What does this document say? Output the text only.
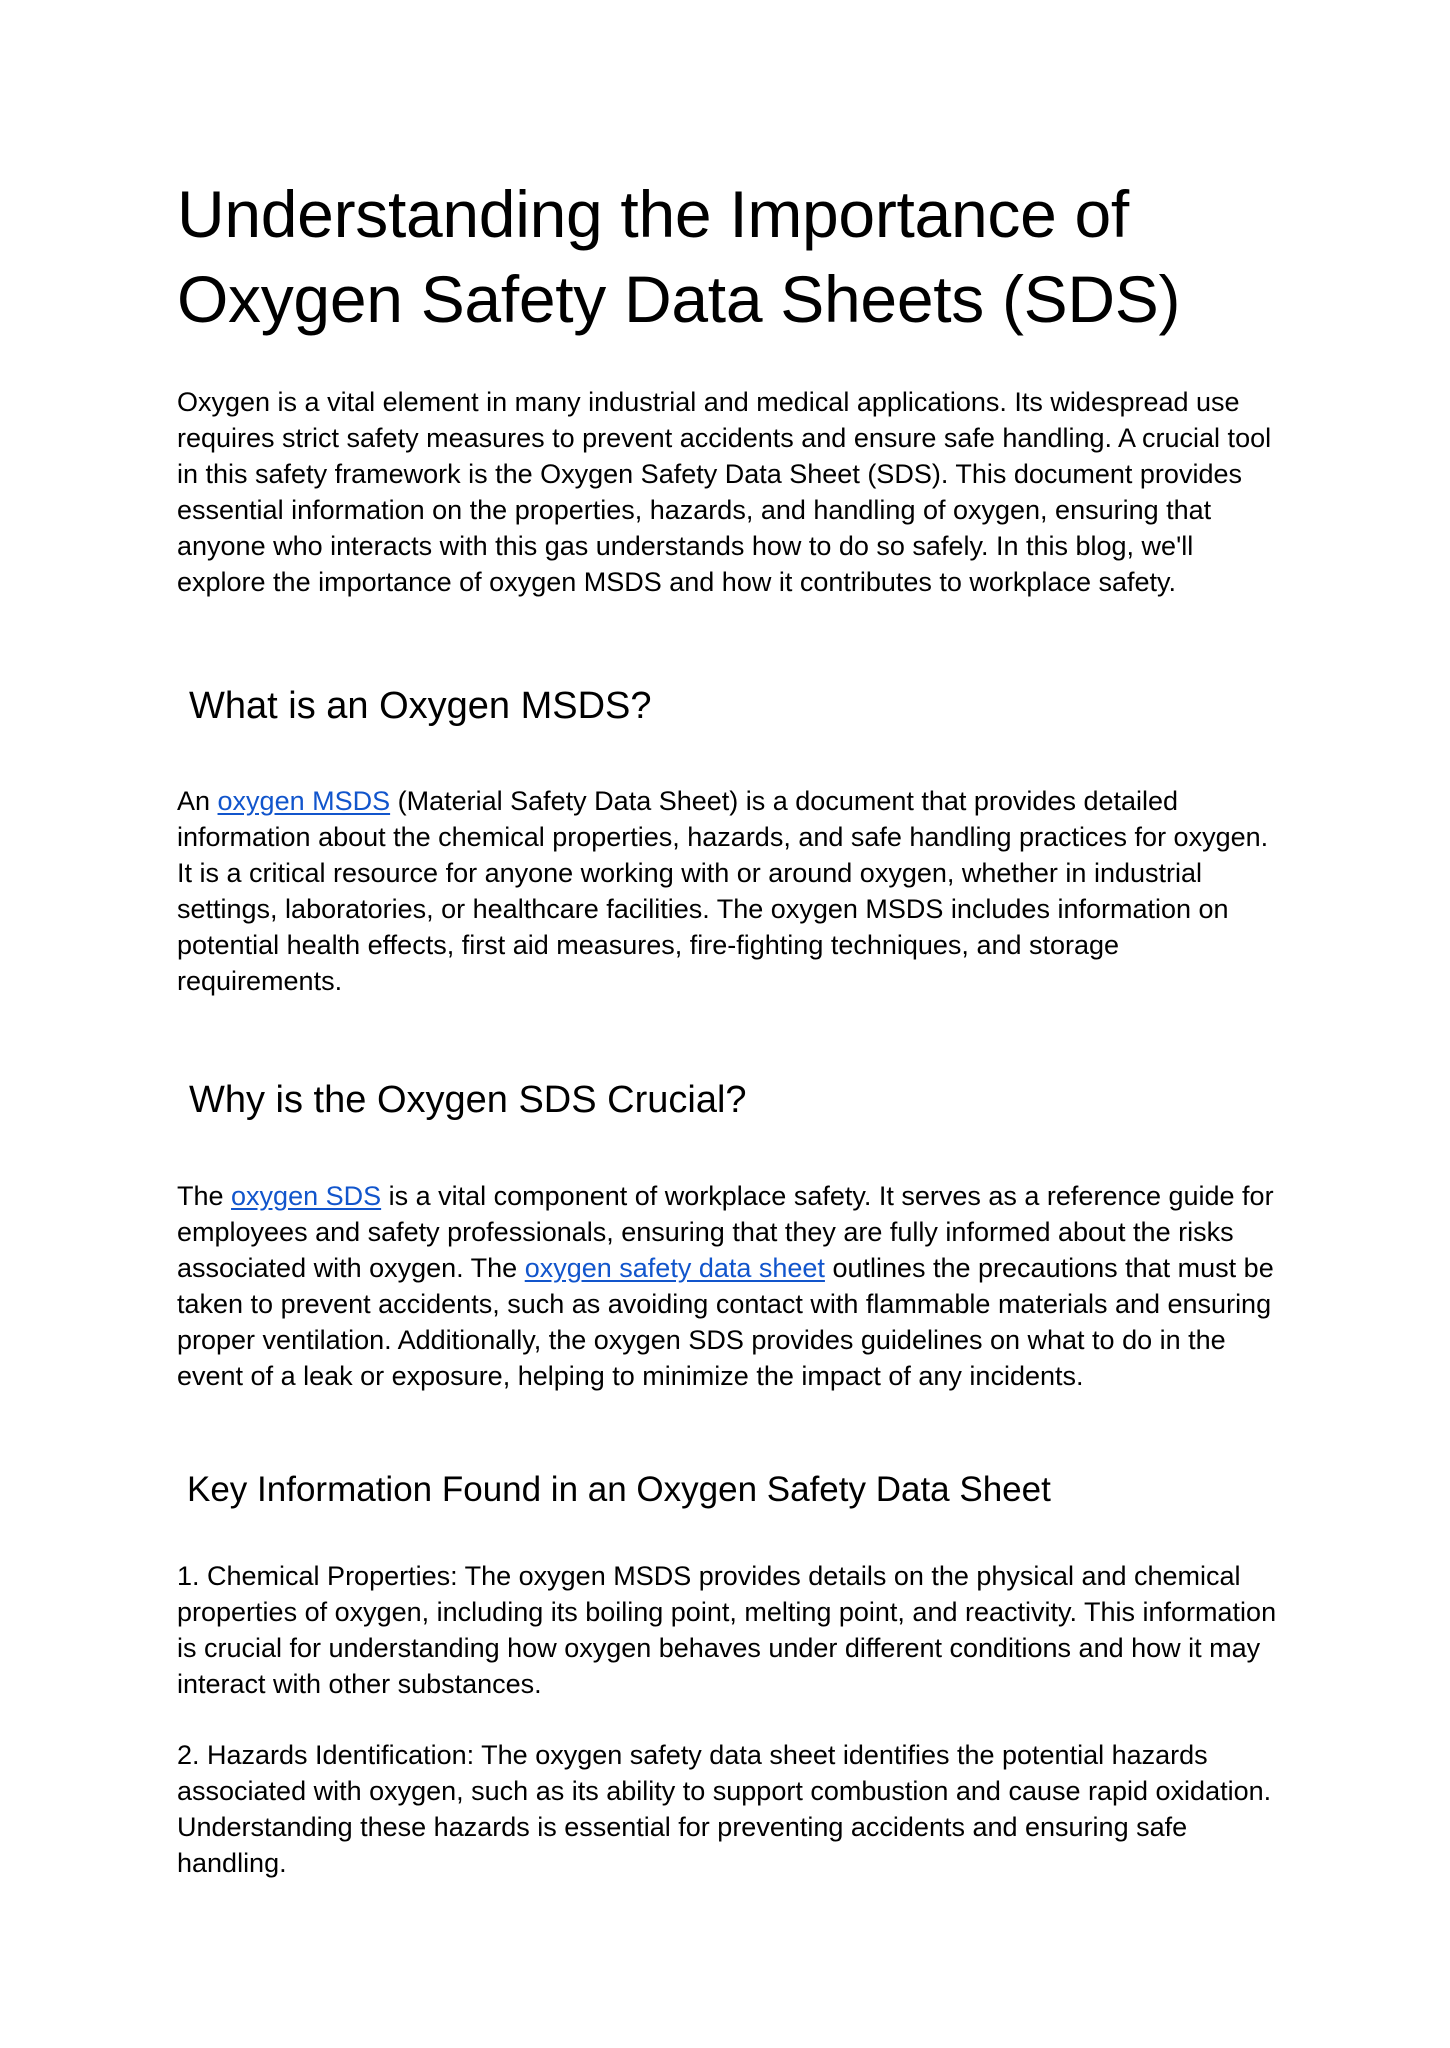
Understanding the Importance of
Oxygen Safety Data Sheets (SDS)

Oxygen is a vital element in many industrial and medical applications. Its widespread use
requires strict safety measures to prevent accidents and ensure safe handling. A crucial tool
in this safety framework is the Oxygen Safety Data Sheet (SDS). This document provides
essential information on the properties, hazards, and handling of oxygen, ensuring that
anyone who interacts with this gas understands how to do so safely. In this blog, we'll
explore the importance of oxygen MSDS and how it contributes to workplace safety.

What is an Oxygen MSDS?

An oxygen MSDS (Material Safety Data Sheet) is a document that provides detailed
information about the chemical properties, hazards, and safe handling practices for oxygen.
It is a critical resource for anyone working with or around oxygen, whether in industrial
settings, laboratories, or healthcare facilities. The oxygen MSDS includes information on
potential health effects, first aid measures, fire-fighting techniques, and storage
requirements.

Why is the Oxygen SDS Crucial?

The oxygen SDS is a vital component of workplace safety. It serves as a reference guide for
employees and safety professionals, ensuring that they are fully informed about the risks
associated with oxygen. The oxygen safety data sheet outlines the precautions that must be
taken to prevent accidents, such as avoiding contact with flammable materials and ensuring
proper ventilation. Additionally, the oxygen SDS provides guidelines on what to do in the
event of a leak or exposure, helping to minimize the impact of any incidents.

Key Information Found in an Oxygen Safety Data Sheet

1. Chemical Properties: The oxygen MSDS provides details on the physical and chemical
properties of oxygen, including its boiling point, melting point, and reactivity. This information
is crucial for understanding how oxygen behaves under different conditions and how it may
interact with other substances.

2. Hazards Identification: The oxygen safety data sheet identifies the potential hazards
associated with oxygen, such as its ability to support combustion and cause rapid oxidation.
Understanding these hazards is essential for preventing accidents and ensuring safe
handling.
